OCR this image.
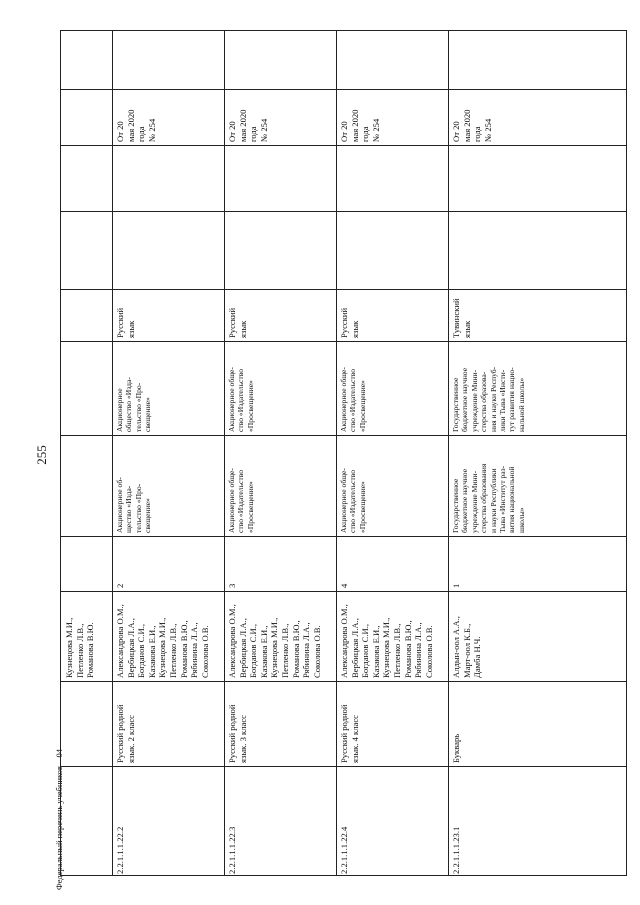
255
Федеральный перечень учебников – 04
Кузнецова М.И., Петленко Л.В., Романова В.Ю.
От 20 мая 2020 года № 254
Русский язык
Акционерное общество «Изда- тельство «Про- свещение»
Акционерное об- щество «Изда- тельство «Про- свещение»
2
Александрова О.М., Вербицкая Л.А., Богданов С.И., Казакова Е.И., Кузнецова М.И., Петленко Л.В., Романова В.Ю., Рябинина Л.А., Соколова О.В.
Русский родной язык. 2 класс
2.2.1.1.1.22.2
От 20 мая 2020 года № 254
Русский язык
Акционерное обще- ство «Издательство «Просвещение»
Акционерное обще- ство «Издательство «Просвещение»
3
Александрова О.М., Вербицкая Л.А., Богданов С.И., Казакова Е.И., Кузнецова М.И., Петленко Л.В., Романова В.Ю., Рябинина Л.А., Соколова О.В.
Русский родной язык. 3 класс
2.2.1.1.1.22.3
От 20 мая 2020 года № 254
Русский язык
Акционерное обще- ство «Издательство «Просвещение»
Акционерное обще- ство «Издательство «Просвещение»
4
Александрова О.М., Вербицкая Л.А., Богданов С.И., Казакова Е.И., Кузнецова М.И., Петленко Л.В., Романова В.Ю., Рябинина Л.А., Соколова О.В.
Русский родной язык. 4 класс
2.2.1.1.1.22.4
От 20 мая 2020 года № 254
Тувинский язык
Государственное бюджетное научное учреждение Мини- стерства образова- ния и науки Респуб- лики Тыва «Инсти- тут развития нацио- нальной школы»
Государственное бюджетное научное учреждение Мини- стерства образования и науки Республики Тыва «Институт раз- вития национальной школы»
1
Алдын-оол А.А., Март-оол К.Б., Дамба Н.Ч.
Букварь
2.2.1.1.1.23.1
